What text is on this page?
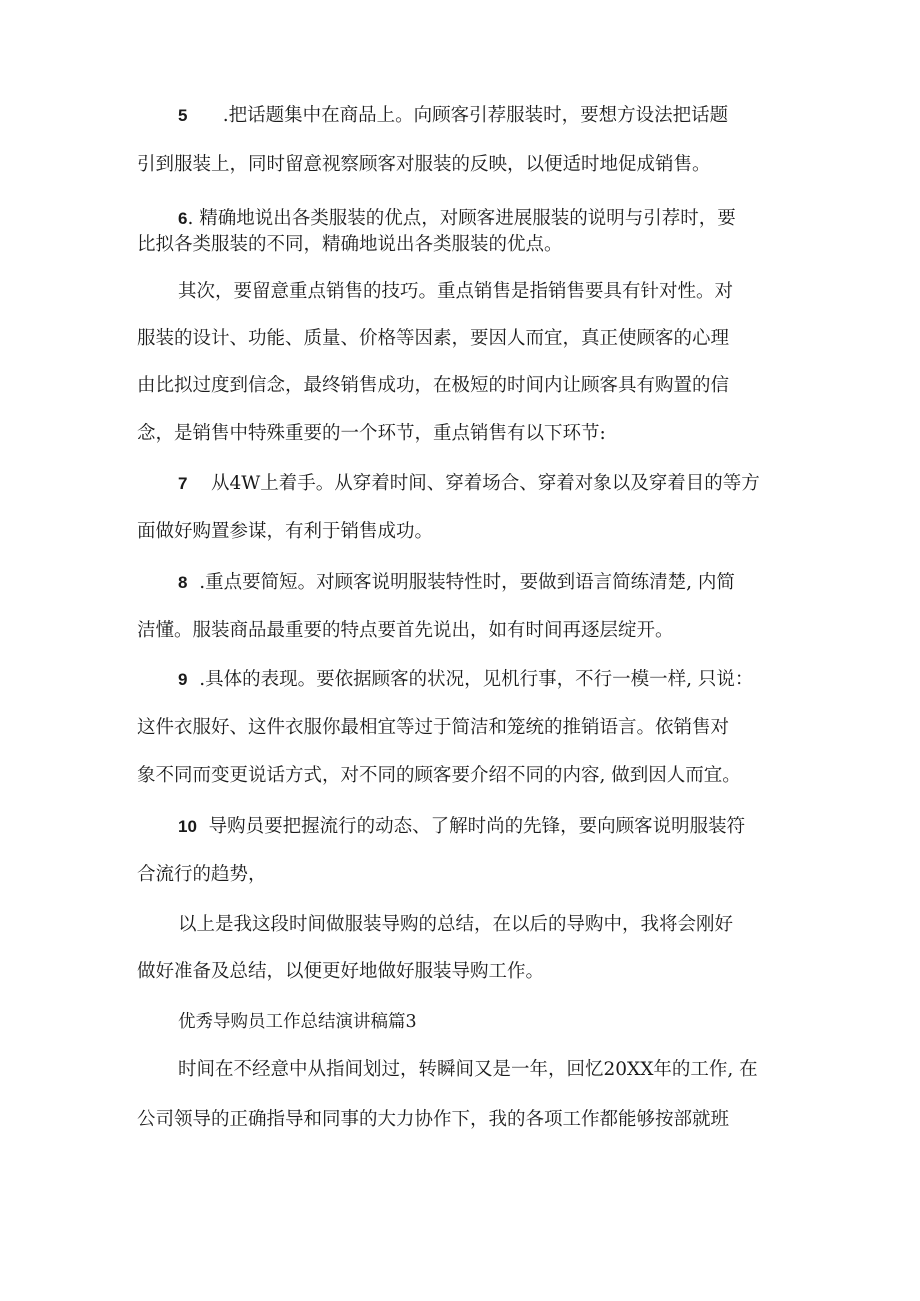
5      .把话题集中在商品上。向顾客引荐服装时，要想方设法把话题
引到服装上，同时留意视察顾客对服装的反映，以便适时地促成销售。
6. 精确地说出各类服装的优点，对顾客进展服装的说明与引荐时，要
比拟各类服装的不同，精确地说出各类服装的优点。
其次，要留意重点销售的技巧。重点销售是指销售要具有针对性。对
服装的设计、功能、质量、价格等因素，要因人而宜，真正使顾客的心理
由比拟过度到信念，最终销售成功，在极短的时间内让顾客具有购置的信
念，是销售中特殊重要的一个环节，重点销售有以下环节:
7    从4W上着手。从穿着时间、穿着场合、穿着对象以及穿着目的等方
面做好购置参谋，有利于销售成功。
8  .重点要简短。对顾客说明服装特性时，要做到语言简练清楚, 内简
洁懂。服装商品最重要的特点要首先说出，如有时间再逐层绽开。
9  .具体的表现。要依据顾客的状况，见机行事，不行一模一样, 只说：
这件衣服好、这件衣服你最相宜等过于简洁和笼统的推销语言。依销售对
象不同而变更说话方式，对不同的顾客要介绍不同的内容, 做到因人而宜。
10  导购员要把握流行的动态、了解时尚的先锋，要向顾客说明服装符
合流行的趋势，
以上是我这段时间做服装导购的总结，在以后的导购中，我将会刚好
做好准备及总结，以便更好地做好服装导购工作。
优秀导购员工作总结演讲稿篇3
时间在不经意中从指间划过，转瞬间又是一年，回忆20XX年的工作, 在
公司领导的正确指导和同事的大力协作下，我的各项工作都能够按部就班
